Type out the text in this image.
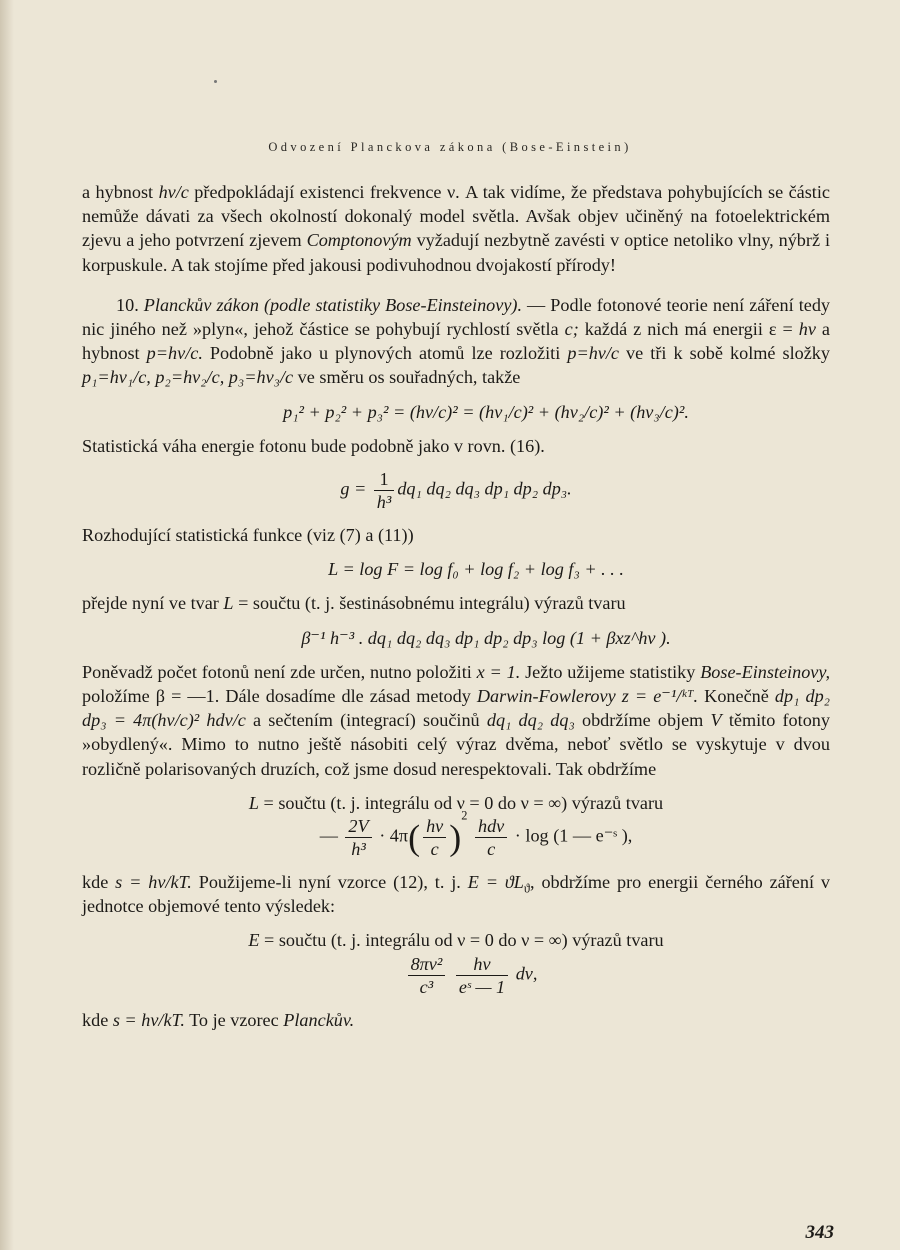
Odvození Planckova zákona (Bose-Einstein)

a hybnost hν/c předpokládají existenci frekvence ν. A tak vidíme, že představa pohybujících se částic nemůže dávati za všech okolností dokonalý model světla. Avšak objev učiněný na fotoelektrickém zjevu a jeho potvrzení zjevem Comptonovým vyžadují nezbytně zavésti v optice netoliko vlny, nýbrž i korpuskule. A tak stojíme před jakousi podivuhodnou dvojakostí přírody!

10. Planckův zákon (podle statistiky Bose-Einsteinovy). — Podle fotonové teorie není záření tedy nic jiného než »plyn«, jehož částice se pohybují rychlostí světla c; každá z nich má energii ε = hν a hybnost p=hν/c. Podobně jako u plynových atomů lze rozložiti p=hν/c ve tři k sobě kolmé složky p₁=hν₁/c, p₂=hν₂/c, p₃=hν₃/c ve směru os souřadných, takže

p₁² + p₂² + p₃² = (hν/c)² = (hν₁/c)² + (hν₂/c)² + (hν₃/c)².

Statistická váha energie fotonu bude podobně jako v rovn. (16).

$g = \frac{1}{\text{h³}} dq_1$ dq₂ dq₃ dp₁ dp₂ dp₃.

Rozhodující statistická funkce (viz (7) a (11))

L = log F = log f₀ + log f₂ + log f₃ + . . .

přejde nyní ve tvar L = součtu (t. j. šestinásobnému integrálu) výrazů tvaru

β⁻¹ h⁻³ . dq₁ dq₂ dq₃ dp₁ dp₂ dp₃ log (1 + βxz^hν ).

Poněvadž počet fotonů není zde určen, nutno položiti x = 1. Ježto užijeme statistiky Bose-Einsteinovy, položíme β = —1. Dále dosadíme dle zásad metody Darwin-Fowlerovy z = e⁻¹/ᵏᵀ. Konečně dp₁ dp₂ dp₃ = 4π(hν/c)² hdν/c a sečtením (integrací) součinů dq₁ dq₂ dq₃ obdržíme objem V těmito fotony »obydlený«. Mimo to nutno ještě násobiti celý výraz dvěma, neboť světlo se vyskytuje v dvou rozličně polarisovaných druzích, což jsme dosud nerespektovali. Tak obdržíme

L = součtu (t. j. integrálu od ν = 0 do ν = ∞) výrazů tvaru

— $\frac{2V}{\text{h³}} \cdot 4\pi( \frac{h\nu}{c} )^2 \frac{\text{hdν}}{c} \cdot \log (1$ — e⁻ˢ ),

kde s = hν/kT. Použijeme-li nyní vzorce (12), t. j. $E = ϑL_ϑ$, obdržíme pro energii černého záření v jednotce objemové tento výsledek:

E = součtu (t. j. integrálu od ν = 0 do ν = ∞) výrazů tvaru

$\frac{\text{8πν²}}{\text{c³}}$
$\frac{h\nu}{\text{eˢ — 1}} d\nu$,

kde s = hν/kT. To je vzorec Planckův.

343
